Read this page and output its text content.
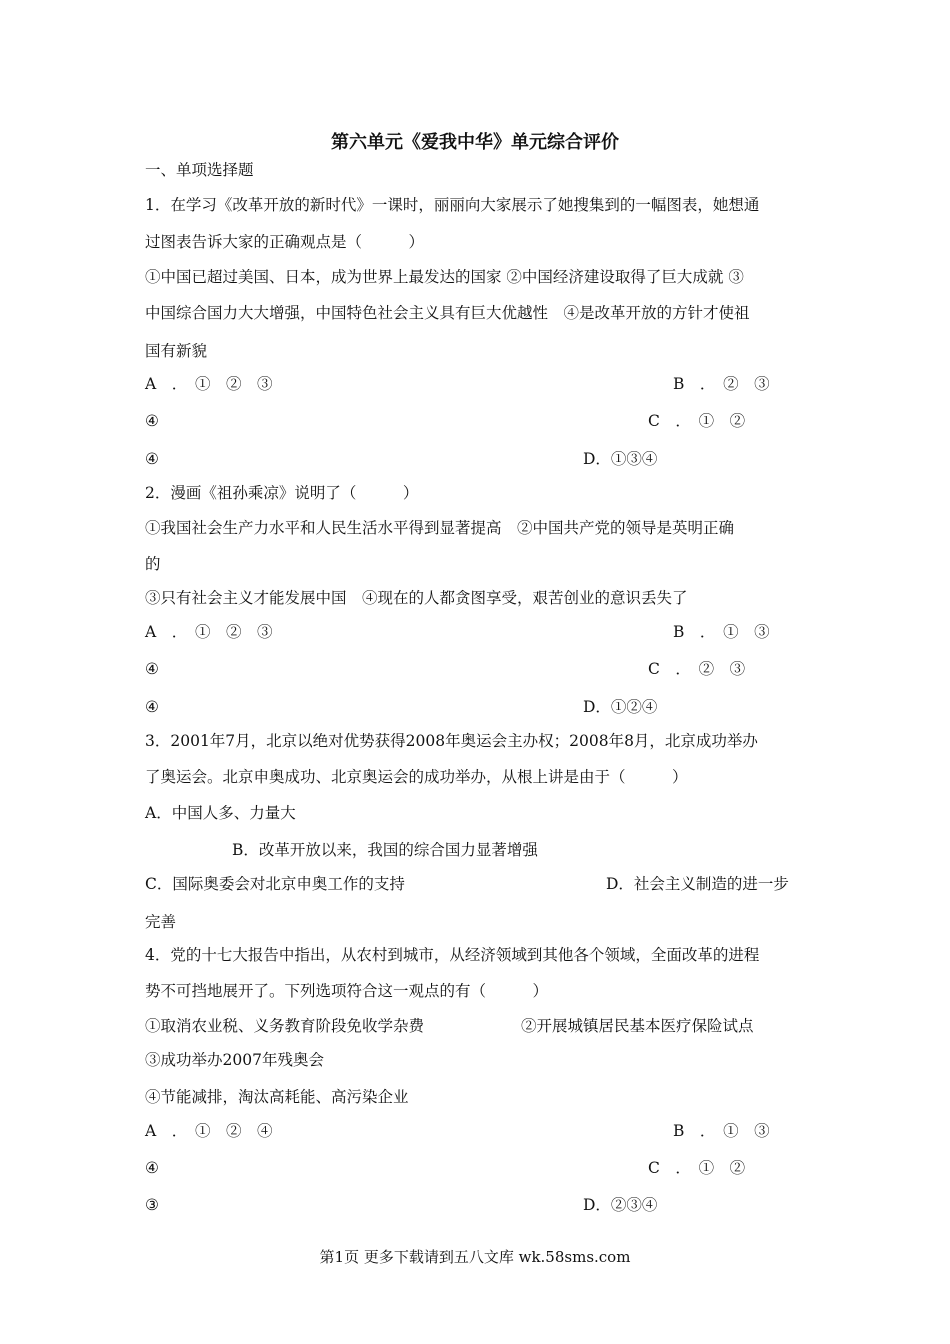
第六单元《爱我中华》单元综合评价
一、单项选择题
1．在学习《改革开放的新时代》一课时，丽丽向大家展示了她搜集到的一幅图表，她想通
过图表告诉大家的正确观点是（　　　）
①中国已超过美国、日本，成为世界上最发达的国家 ②中国经济建设取得了巨大成就 ③
中国综合国力大大增强，中国特色社会主义具有巨大优越性　④是改革开放的方针才使祖
国有新貌
A　．　①　②　③	B　．　②　③
④	C　．　①　②
④	D．①③④
2．漫画《祖孙乘凉》说明了（　　　）
①我国社会生产力水平和人民生活水平得到显著提高　②中国共产党的领导是英明正确
的
③只有社会主义才能发展中国　④现在的人都贪图享受，艰苦创业的意识丢失了
A　．　①　②　③	B　．　①　③
④	C　．　②　③
④	D．①②④
3．2001年7月，北京以绝对优势获得2008年奥运会主办权；2008年8月，北京成功举办
了奥运会。北京申奥成功、北京奥运会的成功举办，从根上讲是由于（　　　）
A．中国人多、力量大
B．改革开放以来，我国的综合国力显著增强
C．国际奥委会对北京申奥工作的支持	D．社会主义制造的进一步
完善
4．党的十七大报告中指出，从农村到城市，从经济领域到其他各个领域，全面改革的进程
势不可挡地展开了。下列选项符合这一观点的有（　　　）
①取消农业税、义务教育阶段免收学杂费	②开展城镇居民基本医疗保险试点
③成功举办2007年残奥会
④节能减排，淘汰高耗能、高污染企业
A　．　①　②　④	B　．　①　③
④	C　．　①　②
③	D．②③④
第1页 更多下载请到五八文库 wk.58sms.com
